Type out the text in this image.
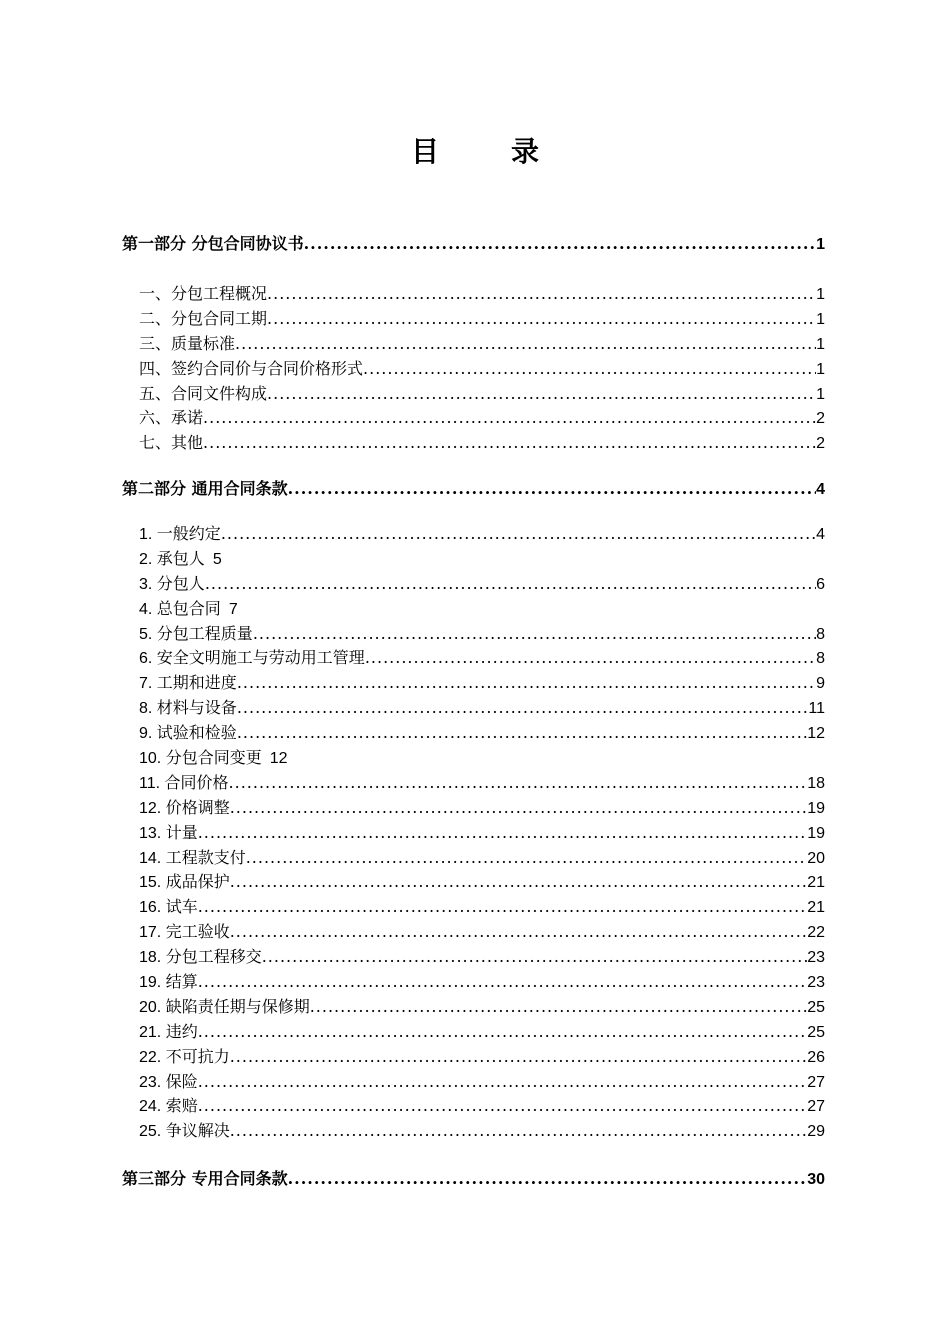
目　录
第一部分 分包合同协议书 .....	1
一、分包工程概况 .....	1
二、分包合同工期 .....	1
三、质量标准 .....	1
四、签约合同价与合同价格形式 .....	1
五、合同文件构成 .....	1
六、承诺 .....	2
七、其他 .....	2
第二部分 通用合同条款 .....	4
1. 一般约定 .....	4
2. 承包人 5
3. 分包人 .....	6
4. 总包合同 7
5. 分包工程质量 .....	8
6. 安全文明施工与劳动用工管理 .....	8
7. 工期和进度 .....	9
8. 材料与设备 .....	11
9. 试验和检验 .....	12
10. 分包合同变更 12
11. 合同价格 .....	18
12. 价格调整 .....	19
13. 计量 .....	19
14. 工程款支付 .....	20
15. 成品保护 .....	21
16. 试车 .....	21
17. 完工验收 .....	22
18. 分包工程移交 .....	23
19. 结算 .....	23
20. 缺陷责任期与保修期 .....	25
21. 违约 .....	25
22. 不可抗力 .....	26
23. 保险 .....	27
24. 索赔 .....	27
25. 争议解决 .....	29
第三部分 专用合同条款 .....	30
